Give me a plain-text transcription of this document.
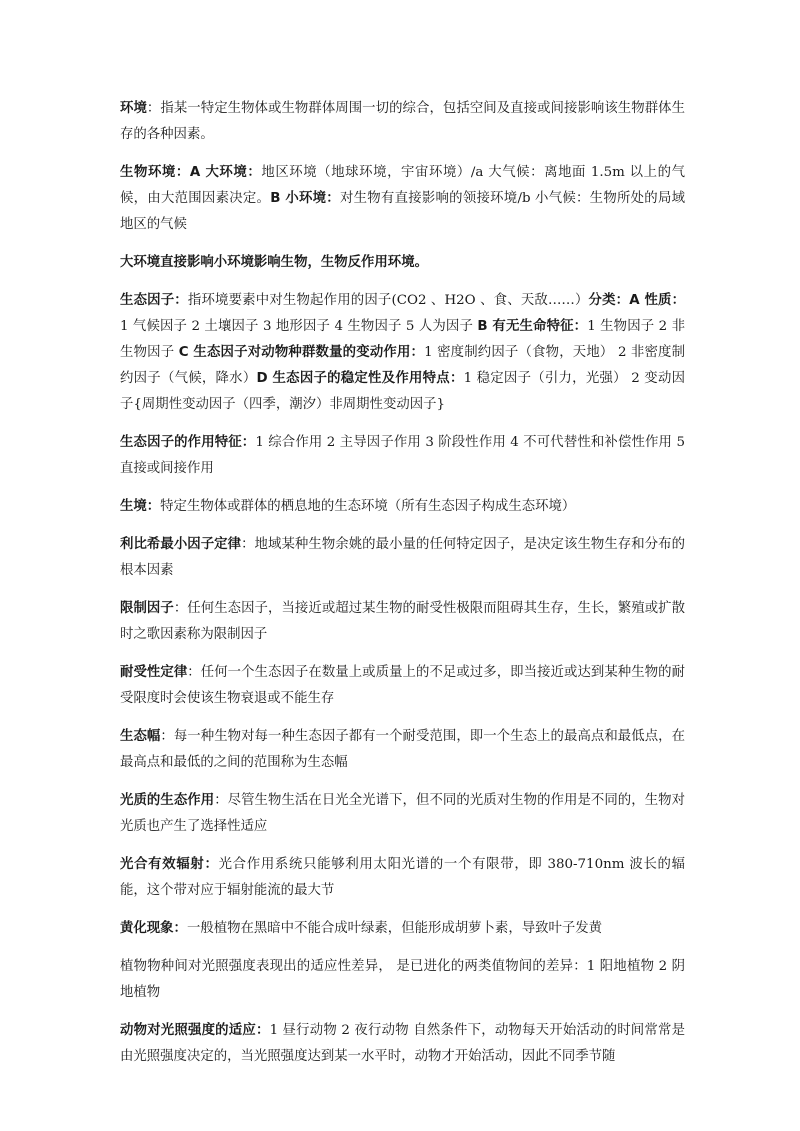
环境：指某一特定生物体或生物群体周围一切的综合，包括空间及直接或间接影响该生物群体生存的各种因素。

生物环境：A 大环境：地区环境（地球环境，宇宙环境）/a 大气候：离地面 1.5m 以上的气候，由大范围因素决定。B 小环境：对生物有直接影响的领接环境/b 小气候：生物所处的局域地区的气候

大环境直接影响小环境影响生物，生物反作用环境。

生态因子：指环境要素中对生物起作用的因子(CO2 、H2O 、食、天敌……）分类：A 性质：1 气候因子 2 土壤因子 3 地形因子 4 生物因子 5 人为因子 B 有无生命特征：1 生物因子 2 非生物因子 C 生态因子对动物种群数量的变动作用：1 密度制约因子（食物，天地） 2 非密度制约因子（气候，降水）D 生态因子的稳定性及作用特点：1 稳定因子（引力，光强） 2 变动因子{周期性变动因子（四季，潮汐）非周期性变动因子}

生态因子的作用特征：1 综合作用 2 主导因子作用 3 阶段性作用 4 不可代替性和补偿性作用 5 直接或间接作用

生境：特定生物体或群体的栖息地的生态环境（所有生态因子构成生态环境）

利比希最小因子定律：地域某种生物余姚的最小量的任何特定因子，是决定该生物生存和分布的根本因素

限制因子：任何生态因子，当接近或超过某生物的耐受性极限而阻碍其生存，生长，繁殖或扩散时之歌因素称为限制因子

耐受性定律：任何一个生态因子在数量上或质量上的不足或过多，即当接近或达到某种生物的耐受限度时会使该生物衰退或不能生存

生态幅：每一种生物对每一种生态因子都有一个耐受范围，即一个生态上的最高点和最低点，在最高点和最低的之间的范围称为生态幅

光质的生态作用：尽管生物生活在日光全光谱下，但不同的光质对生物的作用是不同的，生物对光质也产生了选择性适应

光合有效辐射：光合作用系统只能够利用太阳光谱的一个有限带，即 380-710nm 波长的辐能，这个带对应于辐射能流的最大节

黄化现象：一般植物在黑暗中不能合成叶绿素，但能形成胡萝卜素，导致叶子发黄

植物物种间对光照强度表现出的适应性差异， 是已进化的两类值物间的差异：1 阳地植物 2 阴地植物

动物对光照强度的适应：1 昼行动物 2 夜行动物 自然条件下，动物每天开始活动的时间常常是由光照强度决定的，当光照强度达到某一水平时，动物才开始活动，因此不同季节随
